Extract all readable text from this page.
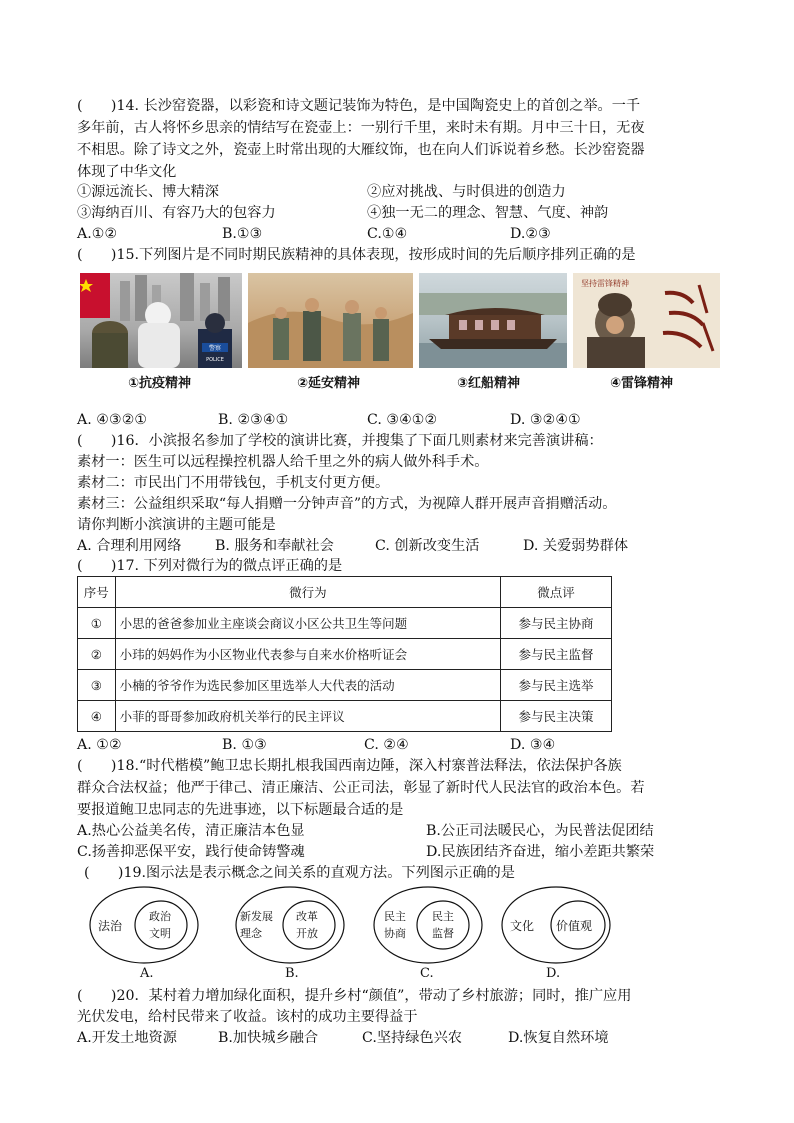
(　　)14. 长沙窑瓷器，以彩瓷和诗文题记装饰为特色，是中国陶瓷史上的首创之举。一千
多年前，古人将怀乡思亲的情结写在瓷壶上：一别行千里，来时未有期。月中三十日，无夜
不相思。除了诗文之外，瓷壶上时常出现的大雁纹饰，也在向人们诉说着乡愁。长沙窑瓷器
体现了中华文化
①源远流长、博大精深	②应对挑战、与时俱进的创造力
③海纳百川、有容乃大的包容力	④独一无二的理念、智慧、气度、神韵
A.①②	B.①③	C.①④	D.②③
(　　)15.下列图片是不同时期民族精神的具体表现，按形成时间的先后顺序排列正确的是
警察
POLICE
坚持雷锋精神
①抗疫精神	②延安精神	③红船精神	④雷锋精神
A. ④③②①	B. ②③④①	C. ③④①②	D. ③②④①
(　　)16．小滨报名参加了学校的演讲比赛，并搜集了下面几则素材来完善演讲稿：
素材一：医生可以远程操控机器人给千里之外的病人做外科手术。
素材二：市民出门不用带钱包，手机支付更方便。
素材三：公益组织采取“每人捐赠一分钟声音”的方式，为视障人群开展声音捐赠活动。
请你判断小滨演讲的主题可能是
A. 合理利用网络 B. 服务和奉献社会	C. 创新改变生活	D. 关爱弱势群体
(　　)17. 下列对微行为的微点评正确的是
序号	微行为	微点评
①	小思的爸爸参加业主座谈会商议小区公共卫生等问题	参与民主协商
②	小玮的妈妈作为小区物业代表参与自来水价格听证会	参与民主监督
③	小楠的爷爷作为选民参加区里选举人大代表的活动	参与民主选举
④	小菲的哥哥参加政府机关举行的民主评议	参与民主决策
A. ①②	B. ①③	C. ②④	D. ③④
(　　)18.“时代楷模”鲍卫忠长期扎根我国西南边陲，深入村寨普法释法，依法保护各族
群众合法权益；他严于律己、清正廉洁、公正司法，彰显了新时代人民法官的政治本色。若
要报道鲍卫忠同志的先进事迹，以下标题最合适的是
A.热心公益美名传，清正廉洁本色显	B.公正司法暖民心，为民普法促团结
C.扬善抑恶保平安，践行使命铸警魂	D.民族团结齐奋进，缩小差距共繁荣
(　　)19.图示法是表示概念之间关系的直观方法。下列图示正确的是
法治
政治
文明
A.
新发展
理念
改革
开放
B.
民主
协商
民主
监督
C.
文化 价值观
D.
(　　)20．某村着力增加绿化面积，提升乡村“颜值”，带动了乡村旅游；同时，推广应用
光伏发电，给村民带来了收益。该村的成功主要得益于
A.开发土地资源	B.加快城乡融合	C.坚持绿色兴农	D.恢复自然环境
